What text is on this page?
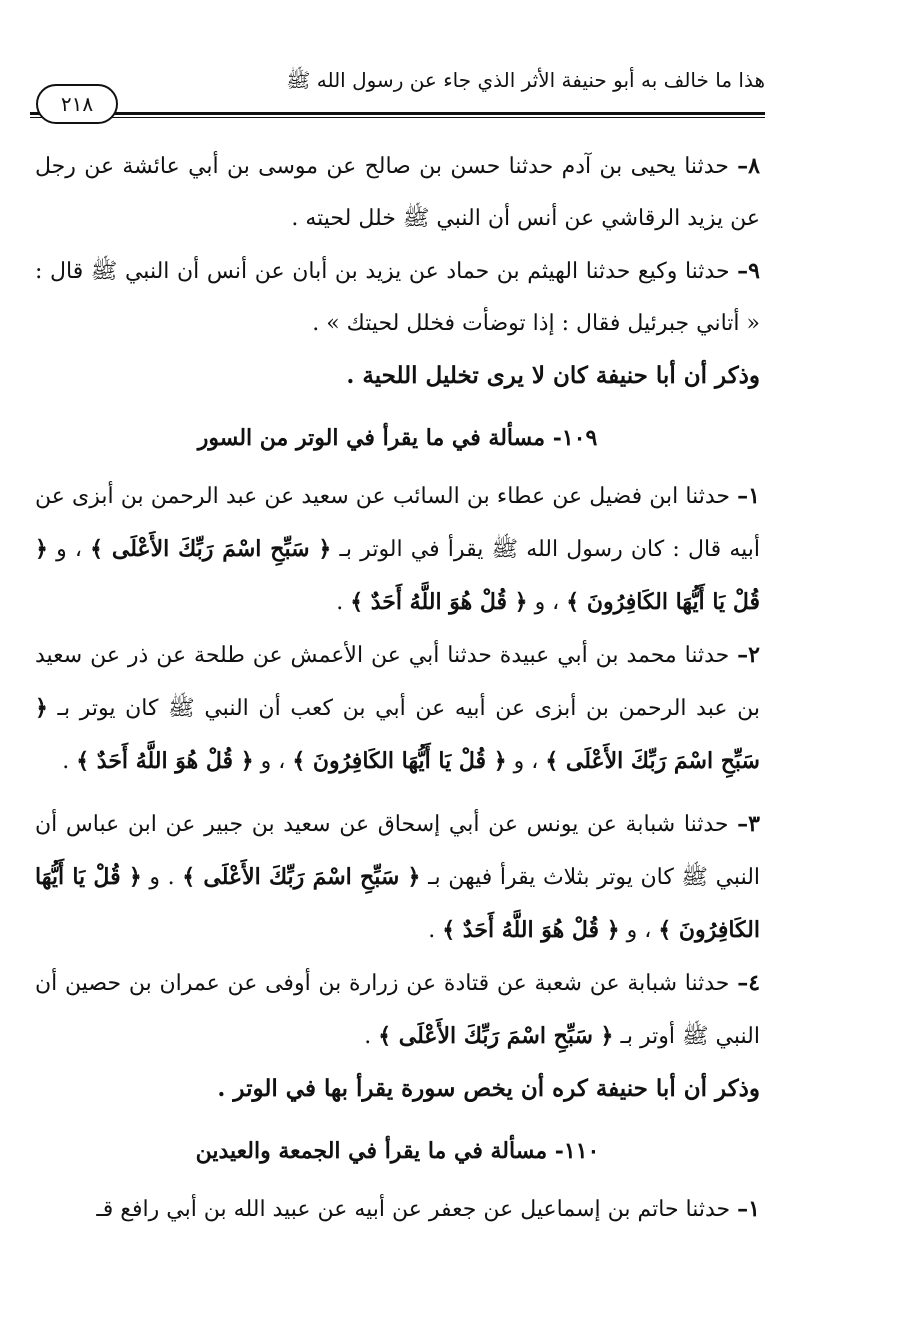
هذا ما خالف به أبو حنيفة الأثر الذي جاء عن رسول الله ﷺ
٢١٨

٨– حدثنا يحيى بن آدم حدثنا حسن بن صالح عن موسى بن أبي عائشة عن رجل عن يزيد الرقاشي عن أنس أن النبي ﷺ خلل لحيته .

٩– حدثنا وكيع حدثنا الهيثم بن حماد عن يزيد بن أبان عن أنس أن النبي ﷺ قال : « أتاني جبرئيل فقال : إذا توضأت فخلل لحيتك » .

وذكر أن أبا حنيفة كان لا يرى تخليل اللحية .

١٠٩- مسألة في ما يقرأ في الوتر من السور

١– حدثنا ابن فضيل عن عطاء بن السائب عن سعيد عن عبد الرحمن بن أبزى عن أبيه قال : كان رسول الله ﷺ يقرأ في الوتر بـ ﴿ سَبِّحِ اسْمَ رَبِّكَ الأَعْلَى ﴾ ، و ﴿ قُلْ يَا أَيُّهَا الكَافِرُونَ ﴾ ، و ﴿ قُلْ هُوَ اللَّهُ أَحَدٌ ﴾ .

٢– حدثنا محمد بن أبي عبيدة حدثنا أبي عن الأعمش عن طلحة عن ذر عن سعيد بن عبد الرحمن بن أبزى عن أبيه عن أبي بن كعب أن النبي ﷺ كان يوتر بـ ﴿ سَبِّحِ اسْمَ رَبِّكَ الأَعْلَى ﴾ ، و ﴿ قُلْ يَا أَيُّهَا الكَافِرُونَ ﴾ ، و ﴿ قُلْ هُوَ اللَّهُ أَحَدٌ ﴾ .

٣– حدثنا شبابة عن يونس عن أبي إسحاق عن سعيد بن جبير عن ابن عباس أن النبي ﷺ كان يوتر بثلاث يقرأ فيهن بـ ﴿ سَبِّحِ اسْمَ رَبِّكَ الأَعْلَى ﴾ . و ﴿ قُلْ يَا أَيُّهَا الكَافِرُونَ ﴾ ، و ﴿ قُلْ هُوَ اللَّهُ أَحَدٌ ﴾ .

٤– حدثنا شبابة عن شعبة عن قتادة عن زرارة بن أوفى عن عمران بن حصين أن النبي ﷺ أوتر بـ ﴿ سَبِّحِ اسْمَ رَبِّكَ الأَعْلَى ﴾ .

وذكر أن أبا حنيفة كره أن يخص سورة يقرأ بها في الوتر .

١١٠- مسألة في ما يقرأ في الجمعة والعيدين

١– حدثنا حاتم بن إسماعيل عن جعفر عن أبيه عن عبيد الله بن أبي رافع قـ
